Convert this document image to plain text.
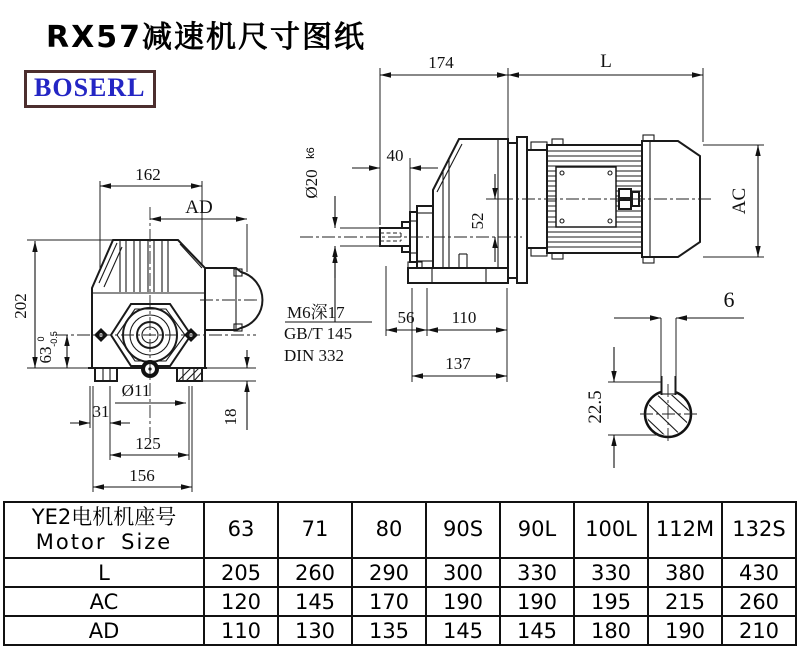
RX57减速机尺寸图纸
BOSERL
162
AD
202
63
0 -0.5
31
Ø11
125
156
18
174	L
40
Ø20
k6
52
M6深17
GB/T 145
DIN 332
56 110
137
AC
6
22.5
YE2电机机座号
Motor Size	63	71	80	90S	90L	100L	112M	132S
L	205	260	290	300	330	330	380	430
AC	120	145	170	190	190	195	215	260
AD	110	130	135	145	145	180	190	210
